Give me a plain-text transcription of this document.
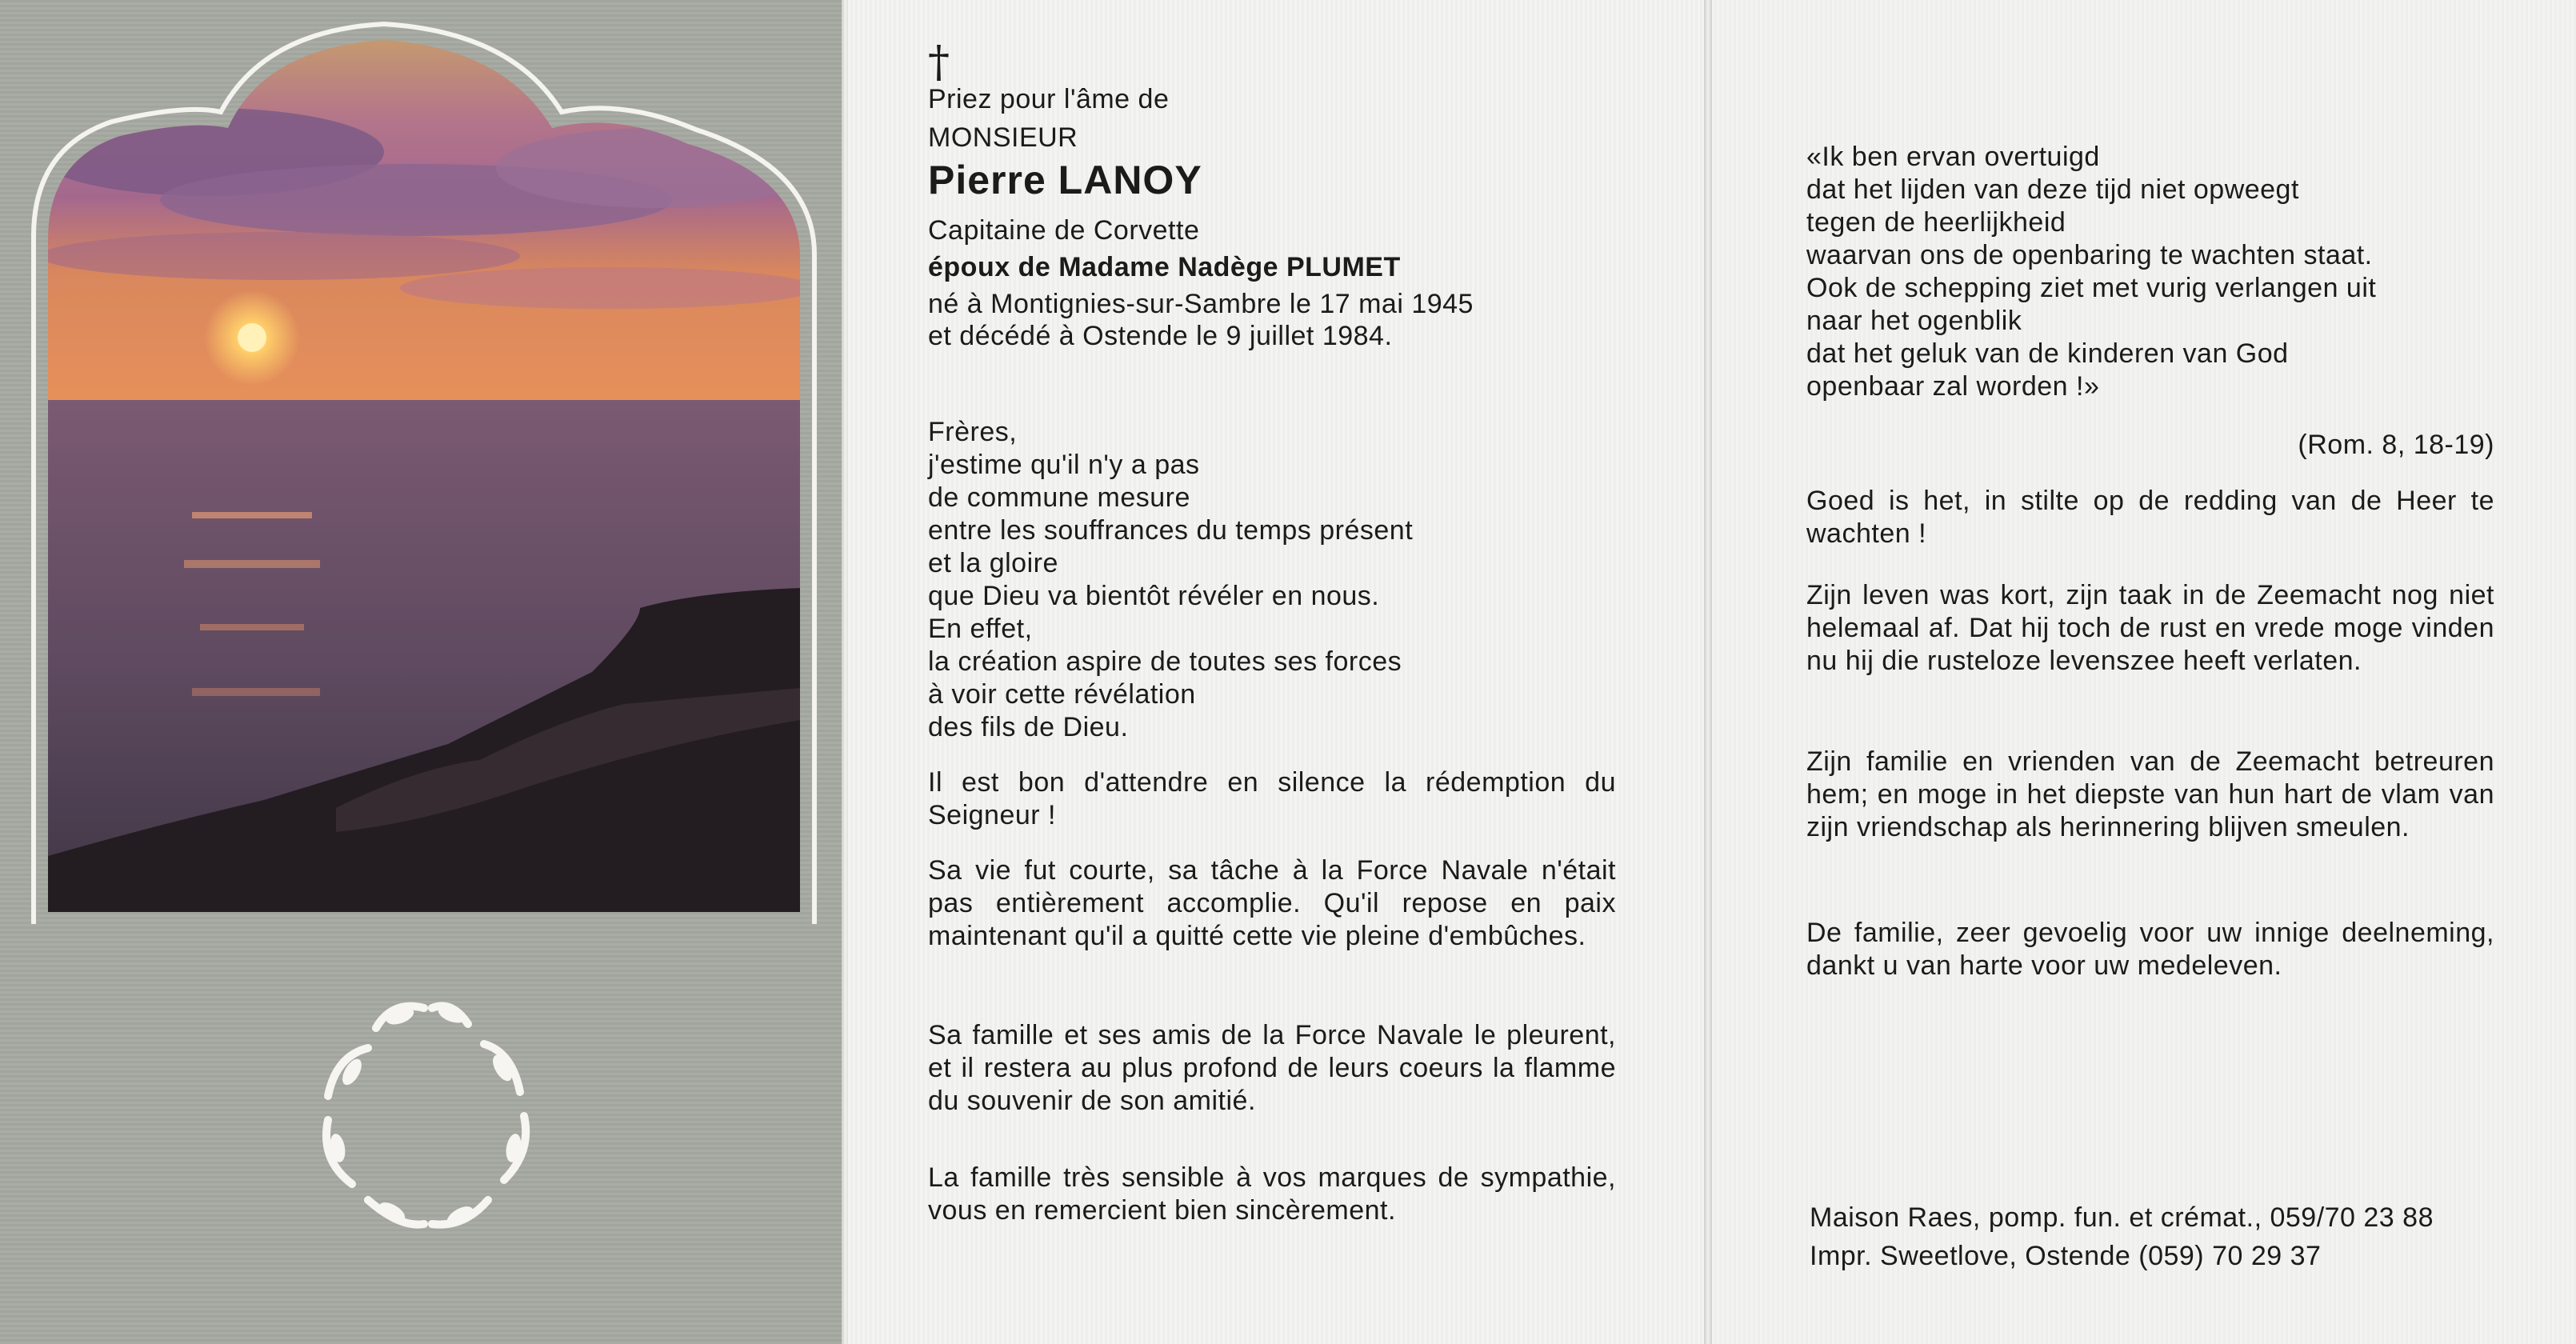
†

Priez pour l'âme de

MONSIEUR

Pierre LANOY

Capitaine de Corvette

époux de Madame Nadège PLUMET

né à Montignies-sur-Sambre le 17 mai 1945

et décédé à Ostende le 9 juillet 1984.

Frères,
j'estime qu'il n'y a pas
de commune mesure
entre les souffrances du temps présent
et la gloire
que Dieu va bientôt révéler en nous.
En effet,
la création aspire de toutes ses forces
à voir cette révélation
des fils de Dieu.

Il est bon d'attendre en silence la rédemption du Seigneur !

Sa vie fut courte, sa tâche à la Force Navale n'était pas entièrement accomplie. Qu'il repose en paix maintenant qu'il a quitté cette vie pleine d'embûches.

Sa famille et ses amis de la Force Navale le pleurent, et il restera au plus profond de leurs coeurs la flamme du souvenir de son amitié.

La famille très sensible à vos marques de sympathie, vous en remercient bien sincèrement.

«Ik ben ervan overtuigd
dat het lijden van deze tijd niet opweegt
tegen de heerlijkheid
waarvan ons de openbaring te wachten staat.
Ook de schepping ziet met vurig verlangen uit
naar het ogenblik
dat het geluk van de kinderen van God
openbaar zal worden !»

(Rom. 8, 18-19)

Goed is het, in stilte op de redding van de Heer te wachten !

Zijn leven was kort, zijn taak in de Zeemacht nog niet helemaal af. Dat hij toch de rust en vrede moge vinden nu hij die rusteloze levenszee heeft verlaten.

Zijn familie en vrienden van de Zeemacht betreuren hem; en moge in het diepste van hun hart de vlam van zijn vriendschap als herinnering blijven smeulen.

De familie, zeer gevoelig voor uw innige deelneming, dankt u van harte voor uw medeleven.

Maison Raes, pomp. fun. et crémat., 059/70 23 88

Impr. Sweetlove, Ostende (059) 70 29 37
